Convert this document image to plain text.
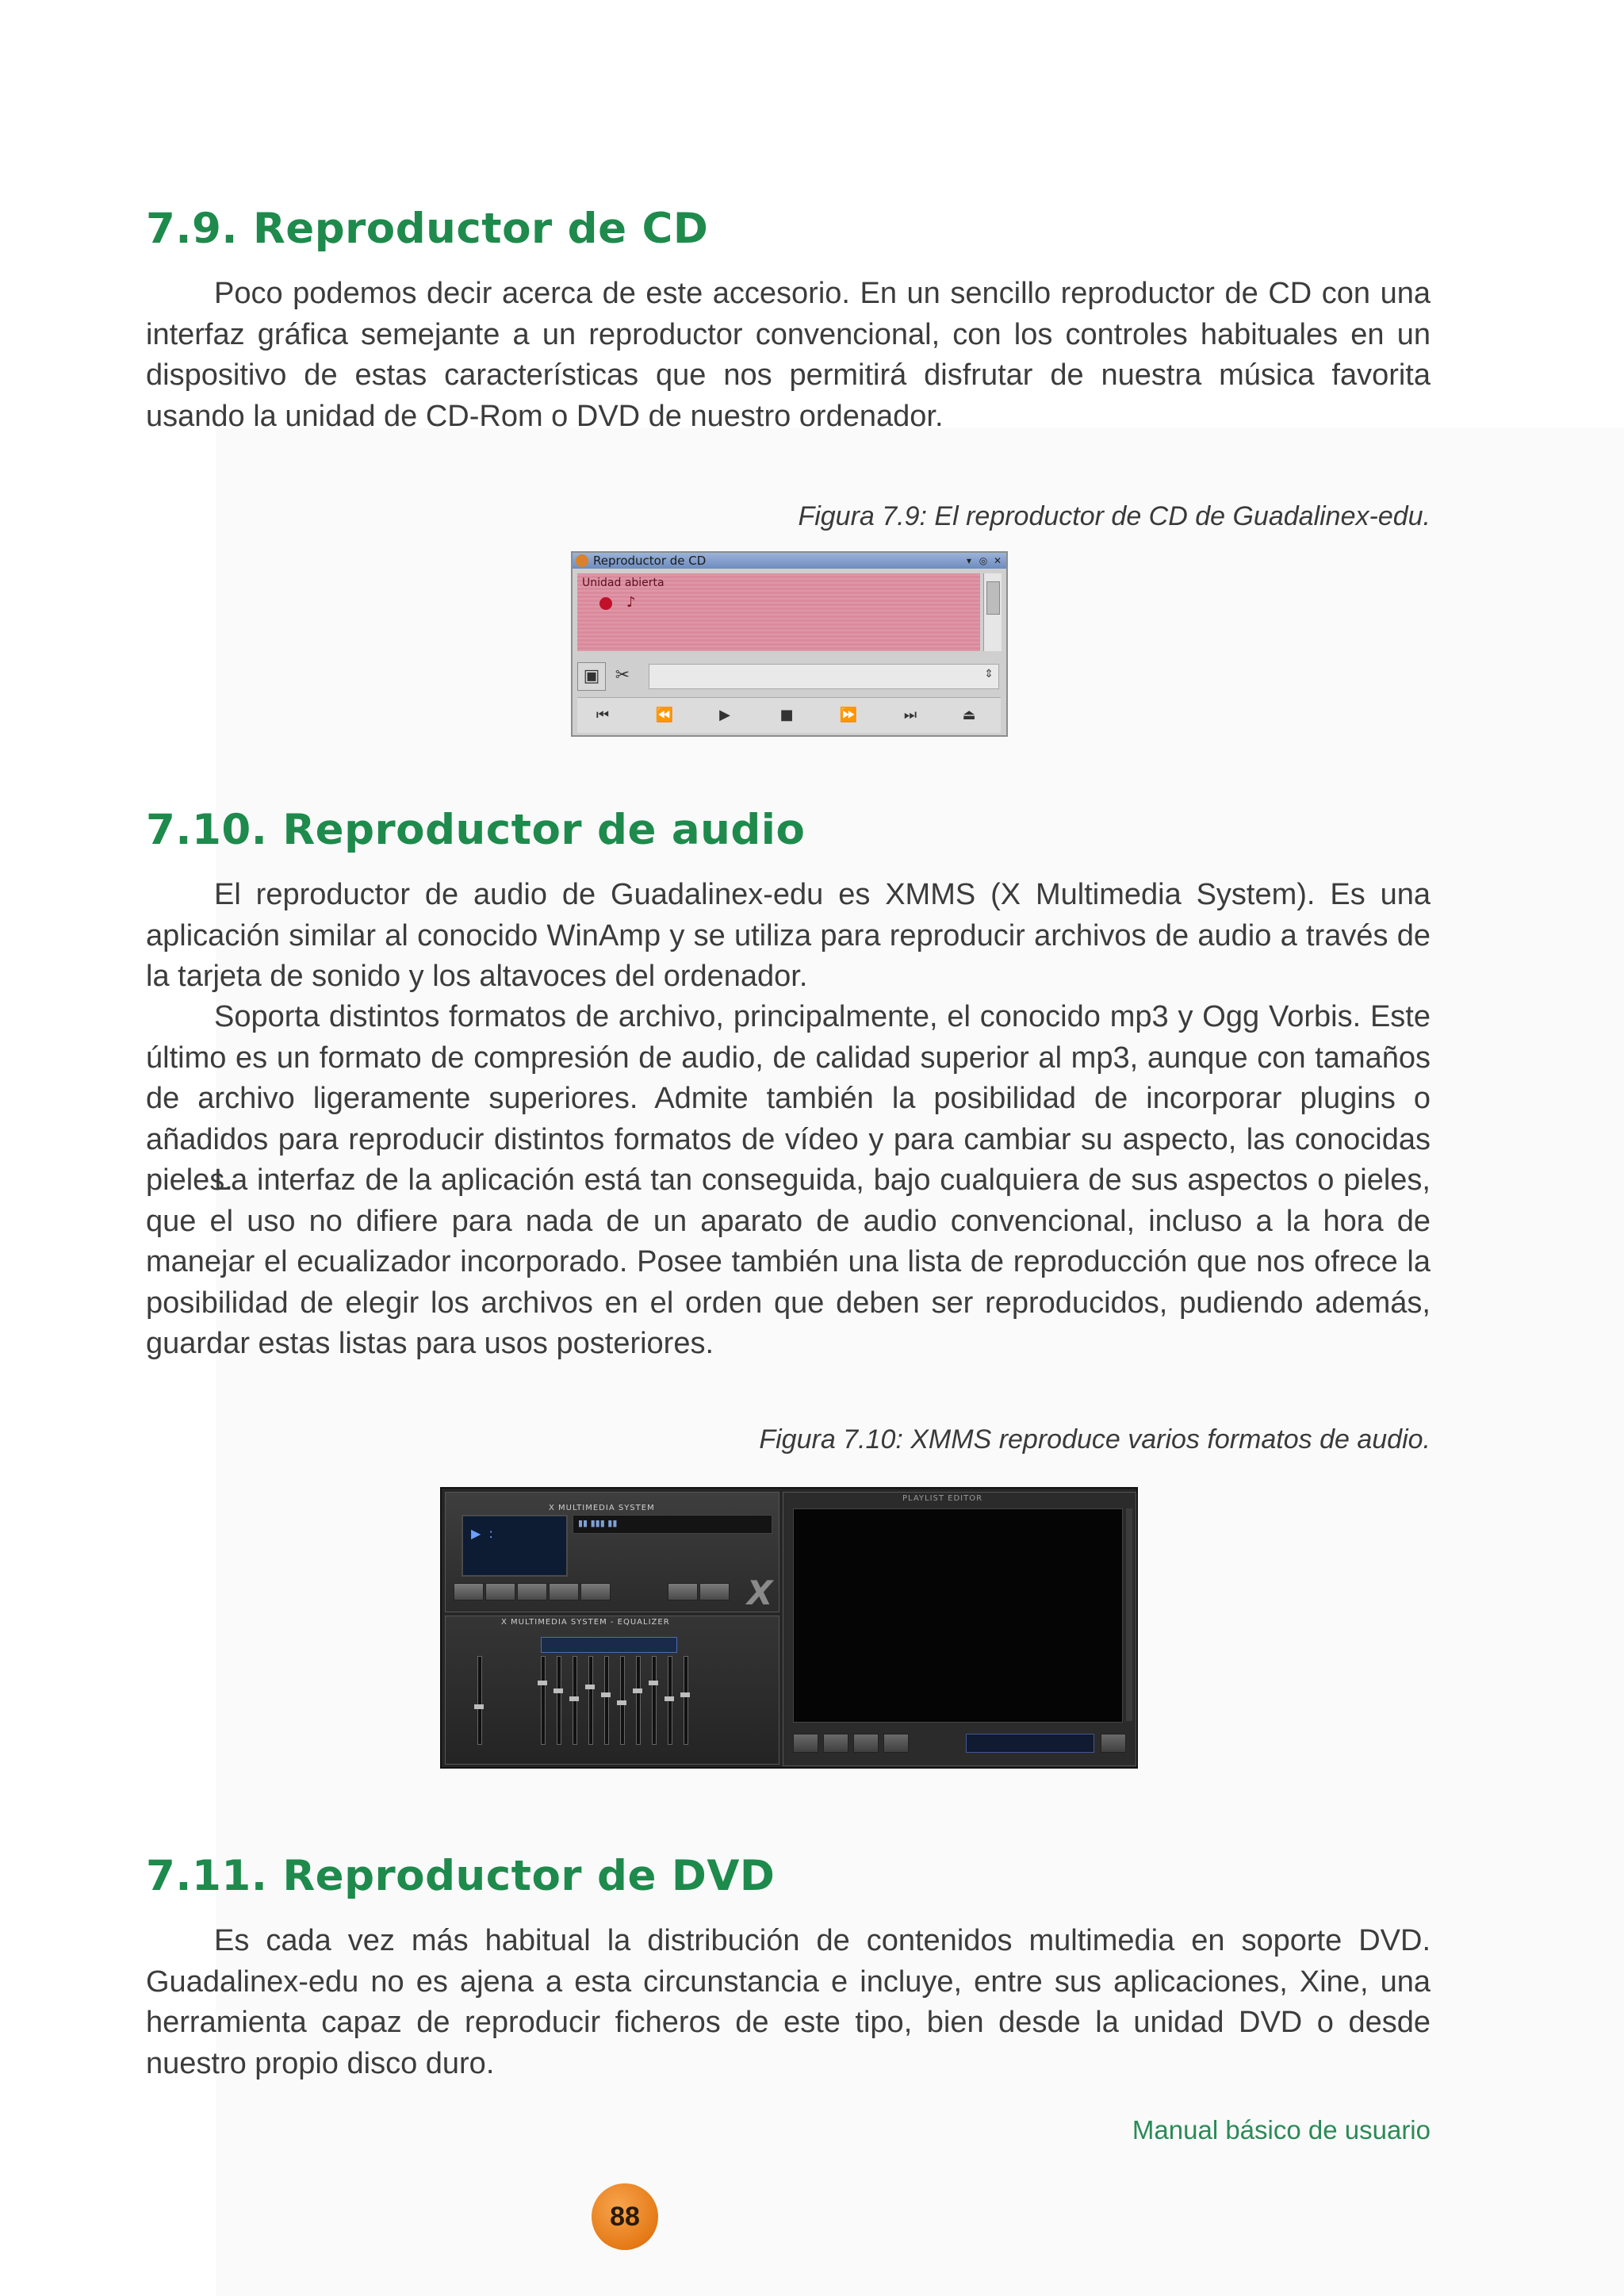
7.9. Reproductor de CD

Poco podemos decir acerca de este accesorio. En un sencillo reproductor de CD con una interfaz gráfica semejante a un reproductor convencional, con los controles habituales en un dispositivo de estas características que nos permitirá disfrutar de nuestra música favorita usando la unidad de CD-Rom o DVD de nuestro ordenador.

Figura 7.9: El reproductor de CD de Guadalinex-edu.
Reproductor de CD	▾ ◎ ✕
Unidad abierta
♪
▣ ✂	⇕
⏮	⏪	▶	■	⏩	⏭	⏏
7.10. Reproductor de audio

El reproductor de audio de Guadalinex-edu es XMMS (X Multimedia System). Es una aplicación similar al conocido WinAmp y se utiliza para reproducir archivos de audio a través de la tarjeta de sonido y los altavoces del ordenador.

Soporta distintos formatos de archivo, principalmente, el conocido mp3 y Ogg Vorbis. Este último es un formato de compresión de audio, de calidad superior al mp3, aunque con tamaños de archivo ligeramente superiores. Admite también la posibilidad de incorporar plugins o añadidos para reproducir distintos formatos de vídeo y para cambiar su aspecto, las conocidas pieles.

La interfaz de la aplicación está tan conseguida, bajo cualquiera de sus aspectos o pieles, que el uso no difiere para nada de un aparato de audio convencional, incluso a la hora de manejar el ecualizador incorporado. Posee también una lista de reproducción que nos ofrece la posibilidad de elegir los archivos en el orden que deben ser reproducidos, pudiendo además, guardar estas listas para usos posteriores.

Figura 7.10: XMMS reproduce varios formatos de audio.
X MULTIMEDIA SYSTEM
▶  :
▮▮ ▮▮▮ ▮▮
X
X MULTIMEDIA SYSTEM - EQUALIZER
PLAYLIST EDITOR
7.11. Reproductor de DVD

Es cada vez más habitual la distribución de contenidos multimedia en soporte DVD. Guadalinex-edu no es ajena a esta circunstancia e incluye, entre sus aplicaciones, Xine, una herramienta capaz de reproducir ficheros de este tipo, bien desde la unidad DVD o desde nuestro propio disco duro.

Manual básico de usuario
88
